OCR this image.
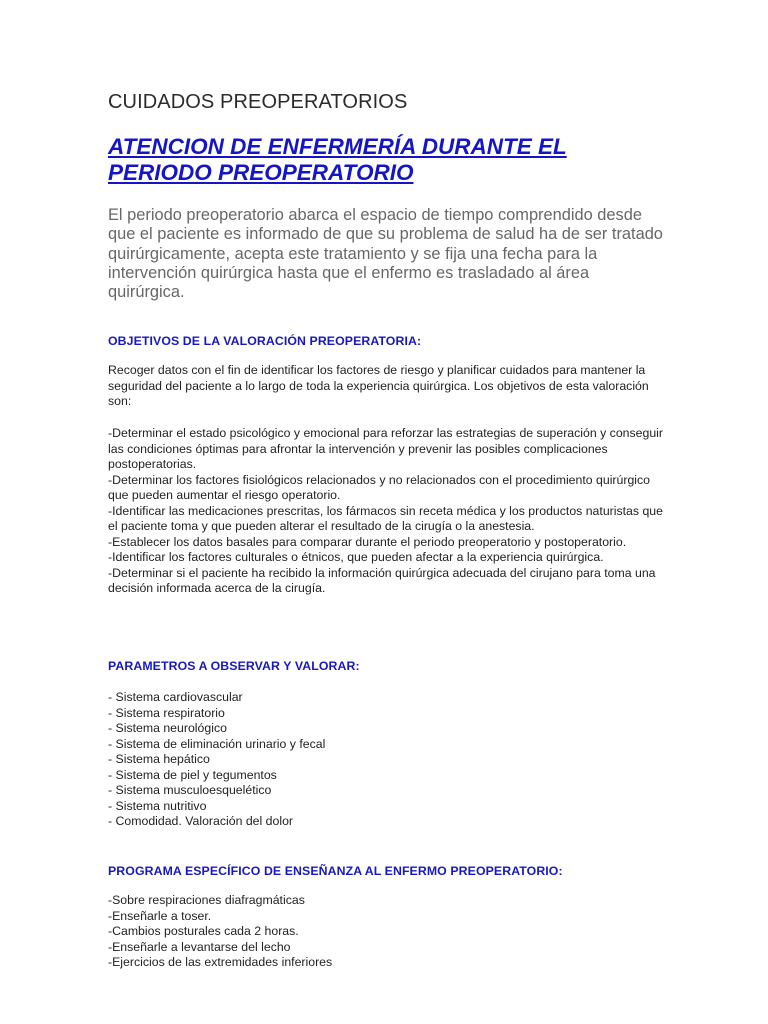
CUIDADOS PREOPERATORIOS
ATENCION DE ENFERMERÍA DURANTE EL PERIODO PREOPERATORIO
El periodo preoperatorio abarca el espacio de tiempo comprendido desde que el paciente es informado de que su problema de salud ha de ser tratado quirúrgicamente, acepta este tratamiento y se fija una fecha para la intervención quirúrgica hasta que el enfermo es trasladado al área quirúrgica.
OBJETIVOS DE LA VALORACIÓN PREOPERATORIA:
Recoger datos con el fin de identificar los factores de riesgo y planificar cuidados para mantener la seguridad del paciente a lo largo de toda la experiencia quirúrgica. Los objetivos de esta valoración son:
-Determinar el estado psicológico y emocional para reforzar las estrategias de superación y conseguir las condiciones óptimas para afrontar la intervención y prevenir las posibles complicaciones postoperatorias.
-Determinar los factores fisiológicos relacionados y no relacionados con el procedimiento quirúrgico que pueden aumentar el riesgo operatorio.
-Identificar las medicaciones prescritas, los fármacos sin receta médica y los productos naturistas que el paciente toma y que pueden alterar el resultado de la cirugía o la anestesia.
-Establecer los datos basales para comparar durante el periodo preoperatorio y postoperatorio.
-Identificar los factores culturales o étnicos, que pueden afectar a la experiencia quirúrgica.
-Determinar si el paciente ha recibido la información quirúrgica adecuada del cirujano para toma una decisión informada acerca de la cirugía.
PARAMETROS A OBSERVAR Y VALORAR:
- Sistema cardiovascular
- Sistema respiratorio
- Sistema neurológico
- Sistema de eliminación urinario y fecal
- Sistema hepático
- Sistema de piel y tegumentos
- Sistema musculoesquelético
- Sistema nutritivo
- Comodidad. Valoración del dolor
PROGRAMA ESPECÍFICO DE ENSEÑANZA AL ENFERMO PREOPERATORIO:
-Sobre respiraciones diafragmáticas
-Enseñarle a toser.
-Cambios posturales cada 2 horas.
-Enseñarle a levantarse del lecho
-Ejercicios de las extremidades inferiores
